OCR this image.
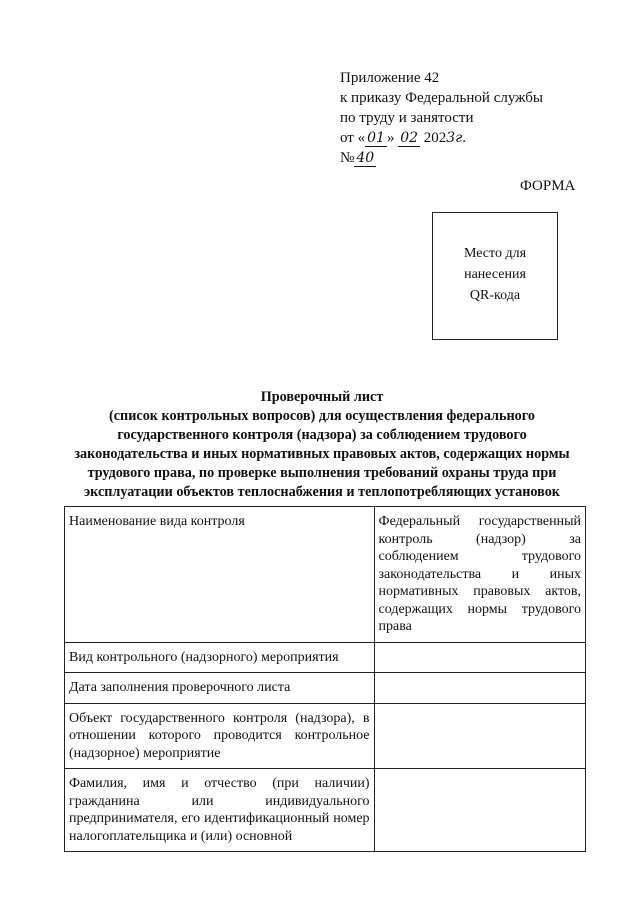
Приложение 42
к приказу Федеральной службы
по труду и занятости
от « 01 » 02 2023г.
№ 40
ФОРМА
Место для
нанесения
QR-кода
Проверочный лист
(список контрольных вопросов) для осуществления федерального
государственного контроля (надзора) за соблюдением трудового
законодательства и иных нормативных правовых актов, содержащих нормы
трудового права, по проверке выполнения требований охраны труда при
эксплуатации объектов теплоснабжения и теплопотребляющих установок
Наименование вида контроля	Федеральный государственный контроль (надзор) за соблюдением трудового законодательства и иных нормативных правовых актов, содержащих нормы трудового права
Вид контрольного (надзорного) мероприятия	
Дата заполнения проверочного листа	
Объект государственного контроля (надзора), в отношении которого проводится контрольное (надзорное) мероприятие	
Фамилия, имя и отчество (при наличии) гражданина или индивидуального предпринимателя, его идентификационный номер налогоплательщика и (или) основной	
